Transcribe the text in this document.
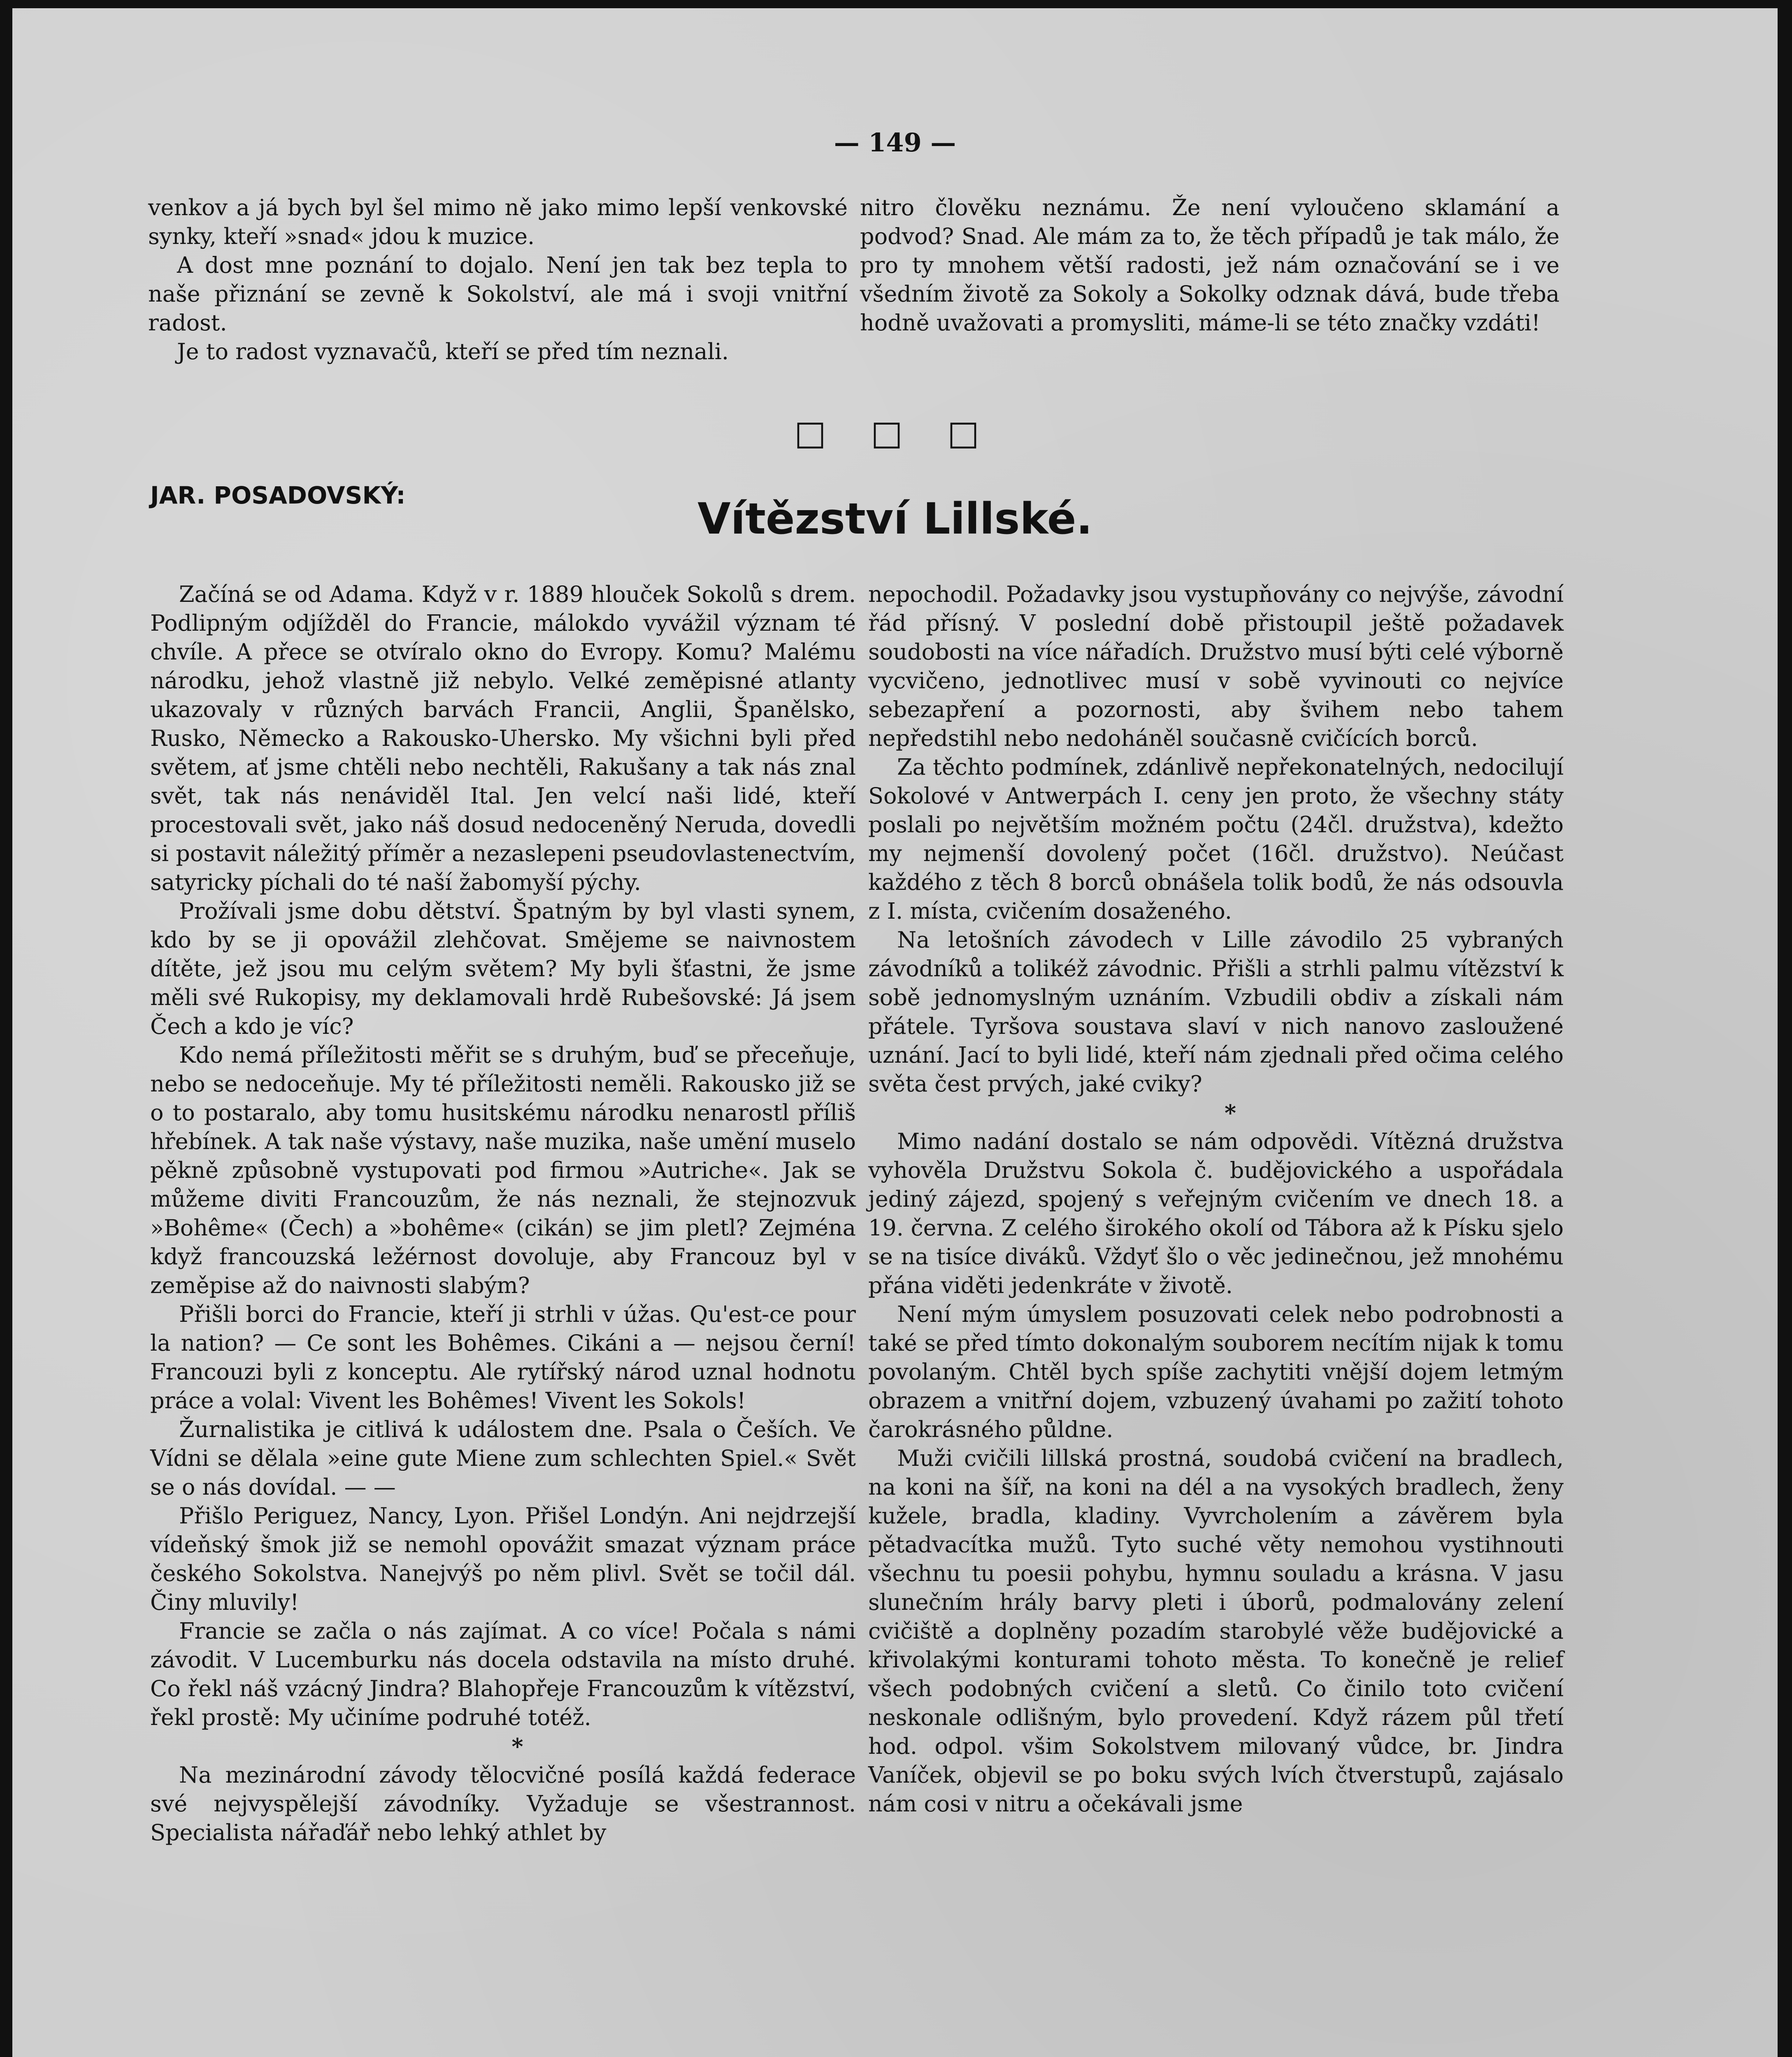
— 149 —

venkov a já bych byl šel mimo ně jako mimo lepší venkovské synky, kteří »snad« jdou k muzice.

A dost mne poznání to dojalo. Není jen tak bez tepla to naše přiznání se zevně k Sokolství, ale má i svoji vnitřní radost.

Je to radost vyznavačů, kteří se před tím neznali.

nitro člověku neznámu. Že není vyloučeno sklamání a podvod? Snad. Ale mám za to, že těch případů je tak málo, že pro ty mnohem větší radosti, jež nám označování se i ve všedním životě za Sokoly a Sokolky odznak dává, bude třeba hodně uvažovati a promysliti, máme-li se této značky vzdáti!

□ □ □
JAR. POSADOVSKÝ:	Vítězství Lillské.

Začíná se od Adama. Když v r. 1889 hlouček Sokolů s drem. Podlipným odjížděl do Francie, málokdo vyvážil význam té chvíle. A přece se otvíralo okno do Evropy. Komu? Malému národku, jehož vlastně již nebylo. Velké zeměpisné atlanty ukazovaly v různých barvách Francii, Anglii, Španělsko, Rusko, Německo a Rakousko-Uhersko. My všichni byli před světem, ať jsme chtěli nebo nechtěli, Rakušany a tak nás znal svět, tak nás nenáviděl Ital. Jen velcí naši lidé, kteří procestovali svět, jako náš dosud nedoceněný Neruda, dovedli si postavit náležitý příměr a nezaslepeni pseudovlastenectvím, satyricky píchali do té naší žabomyší pýchy.

Prožívali jsme dobu dětství. Špatným by byl vlasti synem, kdo by se ji opovážil zlehčovat. Smějeme se naivnostem dítěte, jež jsou mu celým světem? My byli šťastni, že jsme měli své Rukopisy, my deklamovali hrdě Rubešovské: Já jsem Čech a kdo je víc?

Kdo nemá příležitosti měřit se s druhým, buď se přeceňuje, nebo se nedoceňuje. My té příležitosti neměli. Rakousko již se o to postaralo, aby tomu husitskému národku nenarostl příliš hřebínek. A tak naše výstavy, naše muzika, naše umění muselo pěkně způsobně vystupovati pod firmou »Autriche«. Jak se můžeme diviti Francouzům, že nás neznali, že stejnozvuk »Bohême« (Čech) a »bohême« (cikán) se jim pletl? Zejména když francouzská ležérnost dovoluje, aby Francouz byl v zeměpise až do naivnosti slabým?

Přišli borci do Francie, kteří ji strhli v úžas. Qu'est-ce pour la nation? — Ce sont les Bohêmes. Cikáni a — nejsou černí! Francouzi byli z konceptu. Ale rytířský národ uznal hodnotu práce a volal: Vivent les Bohêmes! Vivent les Sokols!

Žurnalistika je citlivá k událostem dne. Psala o Češích. Ve Vídni se dělala »eine gute Miene zum schlechten Spiel.« Svět se o nás dovídal. — —

Přišlo Periguez, Nancy, Lyon. Přišel Londýn. Ani nejdrzejší vídeňský šmok již se nemohl opovážit smazat význam práce českého Sokolstva. Nanejvýš po něm plivl. Svět se točil dál. Činy mluvily!

Francie se začla o nás zajímat. A co více! Počala s námi závodit. V Lucemburku nás docela odstavila na místo druhé. Co řekl náš vzácný Jindra? Blahopřeje Francouzům k vítězství, řekl prostě: My učiníme podruhé totéž.

*

Na mezinárodní závody tělocvičné posílá každá federace své nejvyspělejší závodníky. Vyžaduje se všestrannost. Specialista nářaďář nebo lehký athlet by

nepochodil. Požadavky jsou vystupňovány co nejvýše, závodní řád přísný. V poslední době přistoupil ještě požadavek soudobosti na více nářadích. Družstvo musí býti celé výborně vycvičeno, jednotlivec musí v sobě vyvinouti co nejvíce sebezapření a pozornosti, aby švihem nebo tahem nepředstihl nebo nedoháněl současně cvičících borců.

Za těchto podmínek, zdánlivě nepřekonatelných, nedocilují Sokolové v Antwerpách I. ceny jen proto, že všechny státy poslali po největším možném počtu (24čl. družstva), kdežto my nejmenší dovolený počet (16čl. družstvo). Neúčast každého z těch 8 borců obnášela tolik bodů, že nás odsouvla z I. místa, cvičením dosaženého.

Na letošních závodech v Lille závodilo 25 vybraných závodníků a tolikéž závodnic. Přišli a strhli palmu vítězství k sobě jednomyslným uznáním. Vzbudili obdiv a získali nám přátele. Tyršova soustava slaví v nich nanovo zasloužené uznání. Jací to byli lidé, kteří nám zjednali před očima celého světa čest prvých, jaké cviky?

*

Mimo nadání dostalo se nám odpovědi. Vítězná družstva vyhověla Družstvu Sokola č. budějovického a uspořádala jediný zájezd, spojený s veřejným cvičením ve dnech 18. a 19. června. Z celého širokého okolí od Tábora až k Písku sjelo se na tisíce diváků. Vždyť šlo o věc jedinečnou, jež mnohému přána viděti jedenkráte v životě.

Není mým úmyslem posuzovati celek nebo podrobnosti a také se před tímto dokonalým souborem necítím nijak k tomu povolaným. Chtěl bych spíše zachytiti vnější dojem letmým obrazem a vnitřní dojem, vzbuzený úvahami po zažití tohoto čarokrásného půldne.

Muži cvičili lillská prostná, soudobá cvičení na bradlech, na koni na šíř, na koni na dél a na vysokých bradlech, ženy kužele, bradla, kladiny. Vyvrcholením a závěrem byla pětadvacítka mužů. Tyto suché věty nemohou vystihnouti všechnu tu poesii pohybu, hymnu souladu a krásna. V jasu slunečním hrály barvy pleti i úborů, podmalovány zelení cvičiště a doplněny pozadím starobylé věže budějovické a křivolakými konturami tohoto města. To konečně je relief všech podobných cvičení a sletů. Co činilo toto cvičení neskonale odlišným, bylo provedení. Když rázem půl třetí hod. odpol. všim Sokolstvem milovaný vůdce, br. Jindra Vaníček, objevil se po boku svých lvích čtverstupů, zajásalo nám cosi v nitru a očekávali jsme
